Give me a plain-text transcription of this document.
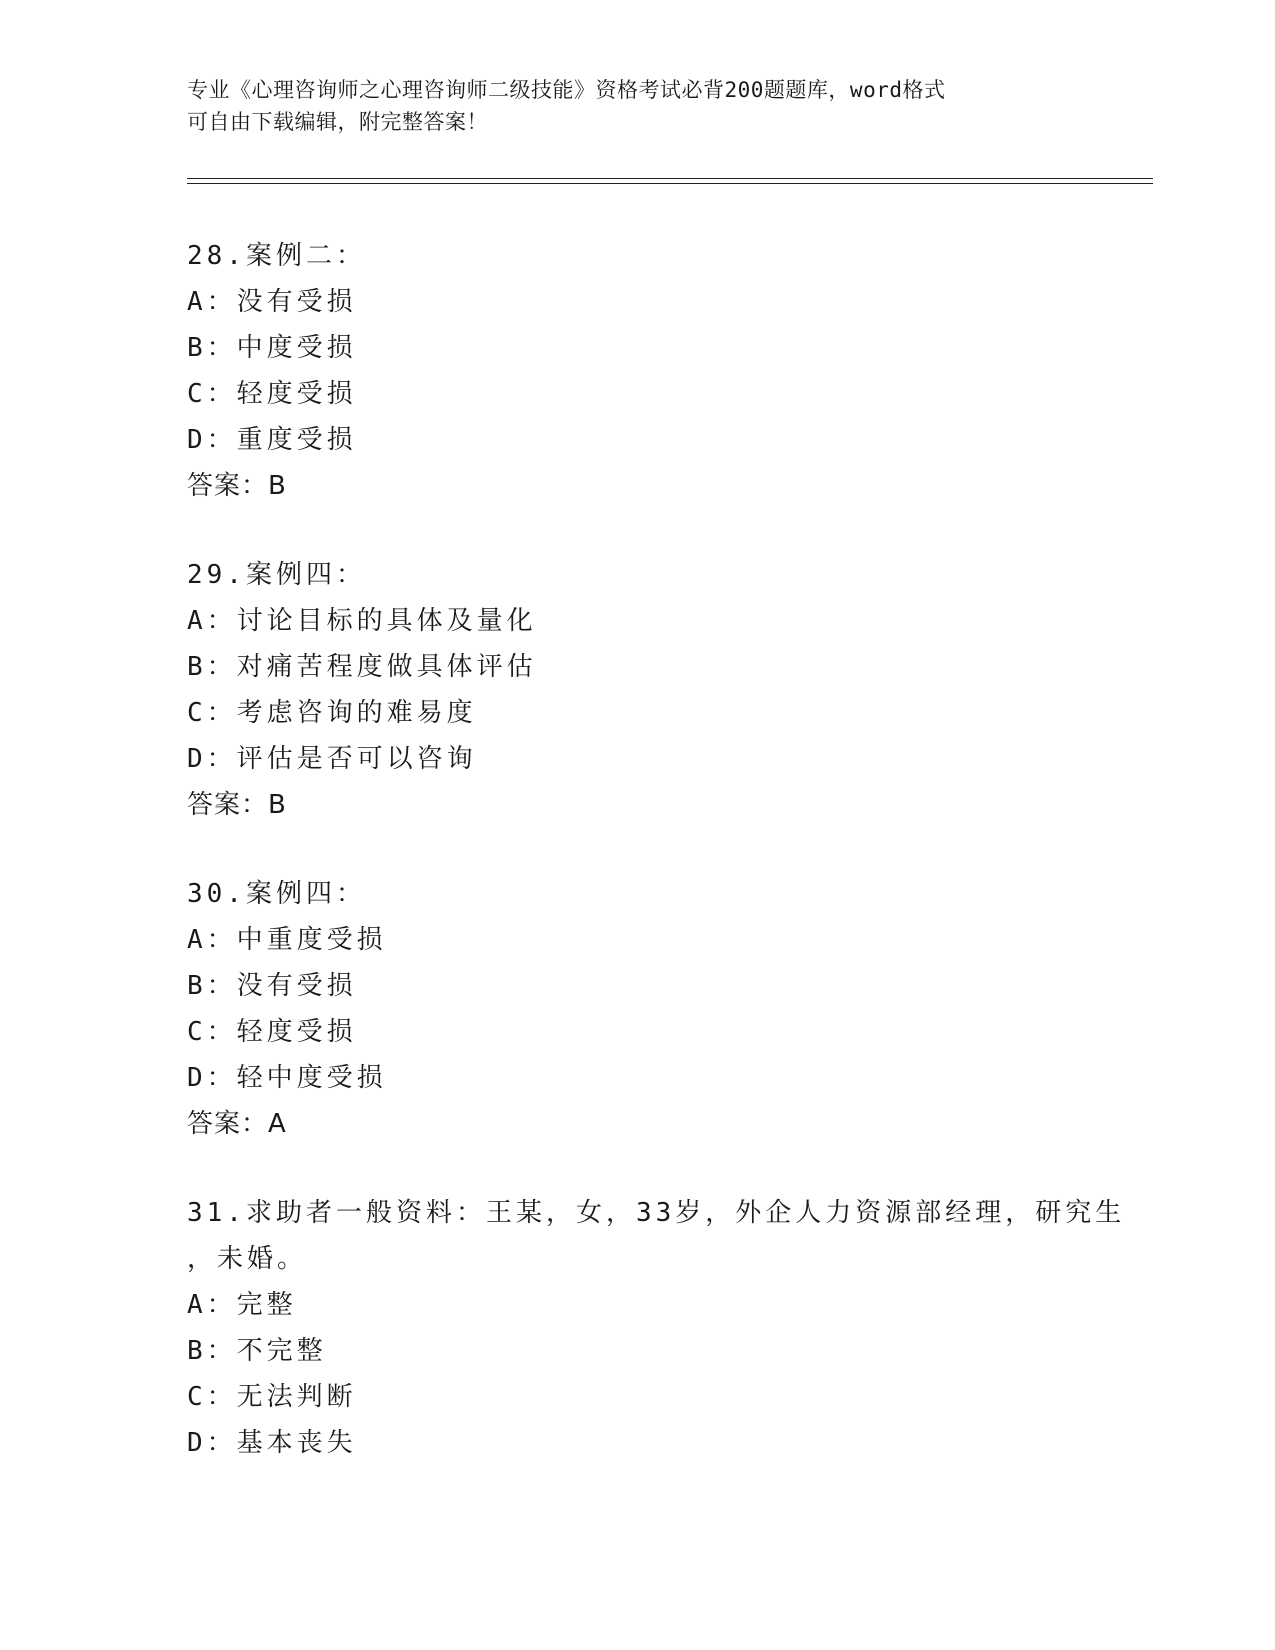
专业《心理咨询师之心理咨询师二级技能》资格考试必背200题题库，word格式
可自由下载编辑，附完整答案！
28.案例二：
A：没有受损
B：中度受损
C：轻度受损
D：重度受损
答案：B
29.案例四：
A：讨论目标的具体及量化
B：对痛苦程度做具体评估
C：考虑咨询的难易度
D：评估是否可以咨询
答案：B
30.案例四：
A：中重度受损
B：没有受损
C：轻度受损
D：轻中度受损
答案：A
31.求助者一般资料：王某，女，33岁，外企人力资源部经理，研究生
，未婚。
A：完整
B：不完整
C：无法判断
D：基本丧失
